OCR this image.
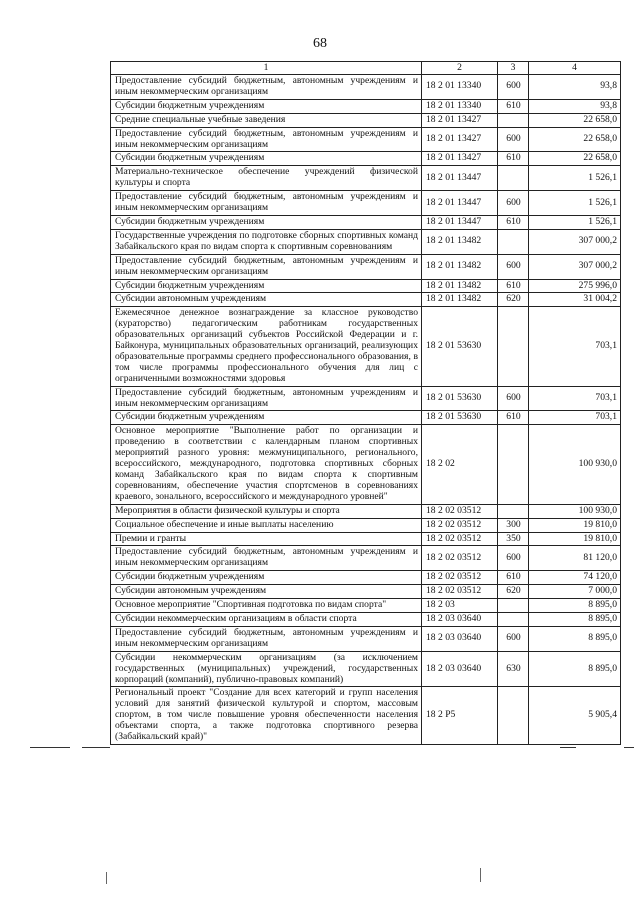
68
1	2	3	4
Предоставление субсидий бюджетным, автономным учреждениям и иным некоммерческим организациям	18 2 01 13340	600	93,8
Субсидии бюджетным учреждениям	18 2 01 13340	610	93,8
Средние специальные учебные заведения	18 2 01 13427		22 658,0
Предоставление субсидий бюджетным, автономным учреждениям и иным некоммерческим организациям	18 2 01 13427	600	22 658,0
Субсидии бюджетным учреждениям	18 2 01 13427	610	22 658,0
Материально-техническое обеспечение учреждений физической культуры и спорта	18 2 01 13447		1 526,1
Предоставление субсидий бюджетным, автономным учреждениям и иным некоммерческим организациям	18 2 01 13447	600	1 526,1
Субсидии бюджетным учреждениям	18 2 01 13447	610	1 526,1
Государственные учреждения по подготовке сборных спортивных команд Забайкальского края по видам спорта к спортивным соревнованиям	18 2 01 13482		307 000,2
Предоставление субсидий бюджетным, автономным учреждениям и иным некоммерческим организациям	18 2 01 13482	600	307 000,2
Субсидии бюджетным учреждениям	18 2 01 13482	610	275 996,0
Субсидии автономным учреждениям	18 2 01 13482	620	31 004,2
Ежемесячное денежное вознаграждение за классное руководство (кураторство) педагогическим работникам государственных образовательных организаций субъектов Российской Федерации и г. Байконура, муниципальных образовательных организаций, реализующих образовательные программы среднего профессионального образования, в том числе программы профессионального обучения для лиц с ограниченными возможностями здоровья	18 2 01 53630		703,1
Предоставление субсидий бюджетным, автономным учреждениям и иным некоммерческим организациям	18 2 01 53630	600	703,1
Субсидии бюджетным учреждениям	18 2 01 53630	610	703,1
Основное мероприятие "Выполнение работ по организации и проведению в соответствии с календарным планом спортивных мероприятий разного уровня: межмуниципального, регионального, всероссийского, международного, подготовка спортивных сборных команд Забайкальского края по видам спорта к спортивным соревнованиям, обеспечение участия спортсменов в соревнованиях краевого, зонального, всероссийского и международного уровней"	18 2 02		100 930,0
Мероприятия в области физической культуры и спорта	18 2 02 03512		100 930,0
Социальное обеспечение и иные выплаты населению	18 2 02 03512	300	19 810,0
Премии и гранты	18 2 02 03512	350	19 810,0
Предоставление субсидий бюджетным, автономным учреждениям и иным некоммерческим организациям	18 2 02 03512	600	81 120,0
Субсидии бюджетным учреждениям	18 2 02 03512	610	74 120,0
Субсидии автономным учреждениям	18 2 02 03512	620	7 000,0
Основное мероприятие "Спортивная подготовка по видам спорта"	18 2 03		8 895,0
Субсидии некоммерческим организациям в области спорта	18 2 03 03640		8 895,0
Предоставление субсидий бюджетным, автономным учреждениям и иным некоммерческим организациям	18 2 03 03640	600	8 895,0
Субсидии некоммерческим организациям (за исключением государственных (муниципальных) учреждений, государственных корпораций (компаний), публично-правовых компаний)	18 2 03 03640	630	8 895,0
Региональный проект "Создание для всех категорий и групп населения условий для занятий физической культурой и спортом, массовым спортом, в том числе повышение уровня обеспеченности населения объектами спорта, а также подготовка спортивного резерва (Забайкальский край)"	18 2 P5		5 905,4
